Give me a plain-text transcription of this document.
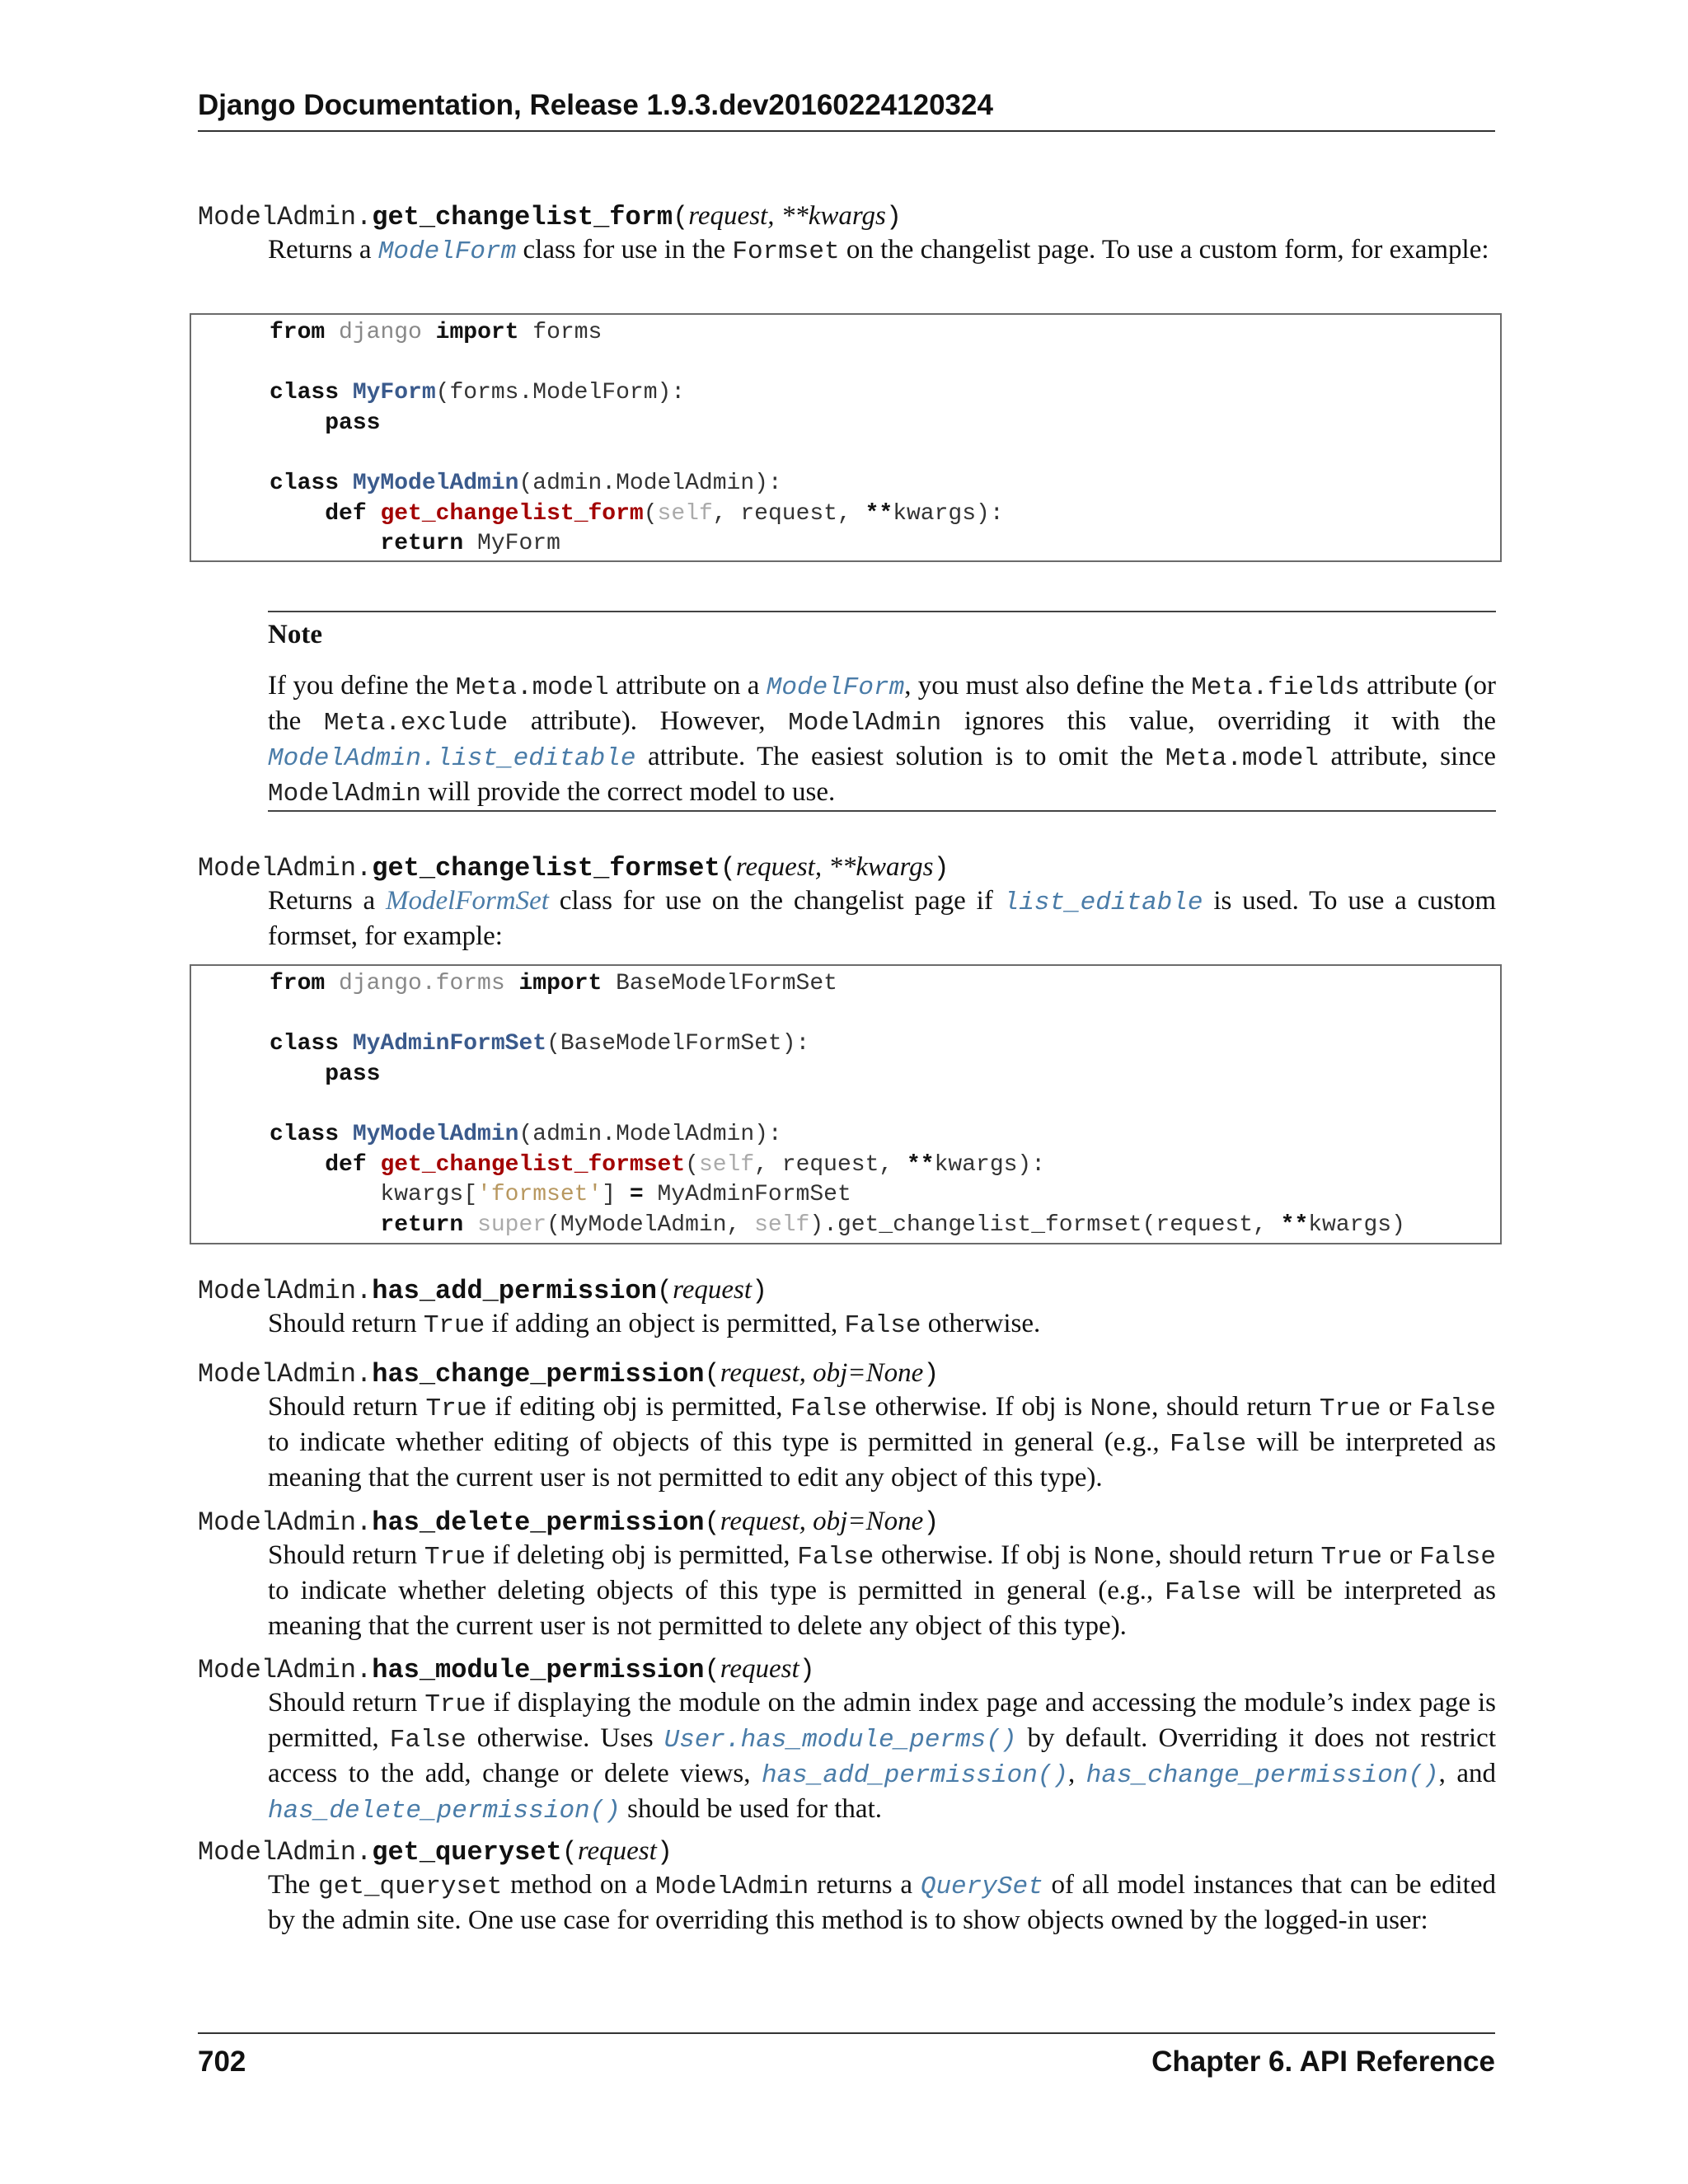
Django Documentation, Release 1.9.3.dev20160224120324
ModelAdmin.get_changelist_form(request, **kwargs)
Returns a ModelForm class for use in the Formset on the changelist page. To use a custom form, for example:
from django import forms

class MyForm(forms.ModelForm):
pass

class MyModelAdmin(admin.ModelAdmin):
def get_changelist_form(self, request, **kwargs):
return MyForm
Note
If you define the Meta.model attribute on a ModelForm, you must also define the Meta.fields attribute (or the Meta.exclude attribute). However, ModelAdmin ignores this value, overriding it with the ModelAdmin.list_editable attribute. The easiest solution is to omit the Meta.model attribute, since ModelAdmin will provide the correct model to use.
ModelAdmin.get_changelist_formset(request, **kwargs)
Returns a ModelFormSet class for use on the changelist page if list_editable is used. To use a custom formset, for example:
from django.forms import BaseModelFormSet

class MyAdminFormSet(BaseModelFormSet):
pass

class MyModelAdmin(admin.ModelAdmin):
def get_changelist_formset(self, request, **kwargs):
kwargs['formset'] = MyAdminFormSet
return super(MyModelAdmin, self).get_changelist_formset(request, **kwargs)
ModelAdmin.has_add_permission(request)
Should return True if adding an object is permitted, False otherwise.
ModelAdmin.has_change_permission(request, obj=None)
Should return True if editing obj is permitted, False otherwise. If obj is None, should return True or False to indicate whether editing of objects of this type is permitted in general (e.g., False will be interpreted as meaning that the current user is not permitted to edit any object of this type).
ModelAdmin.has_delete_permission(request, obj=None)
Should return True if deleting obj is permitted, False otherwise. If obj is None, should return True or False to indicate whether deleting objects of this type is permitted in general (e.g., False will be interpreted as meaning that the current user is not permitted to delete any object of this type).
ModelAdmin.has_module_permission(request)
Should return True if displaying the module on the admin index page and accessing the module’s index page is permitted, False otherwise. Uses User.has_module_perms() by default. Overriding it does not restrict access to the add, change or delete views, has_add_permission(), has_change_permission(), and has_delete_permission() should be used for that.
ModelAdmin.get_queryset(request)
The get_queryset method on a ModelAdmin returns a QuerySet of all model instances that can be edited by the admin site. One use case for overriding this method is to show objects owned by the logged-in user:
702	Chapter 6. API Reference
